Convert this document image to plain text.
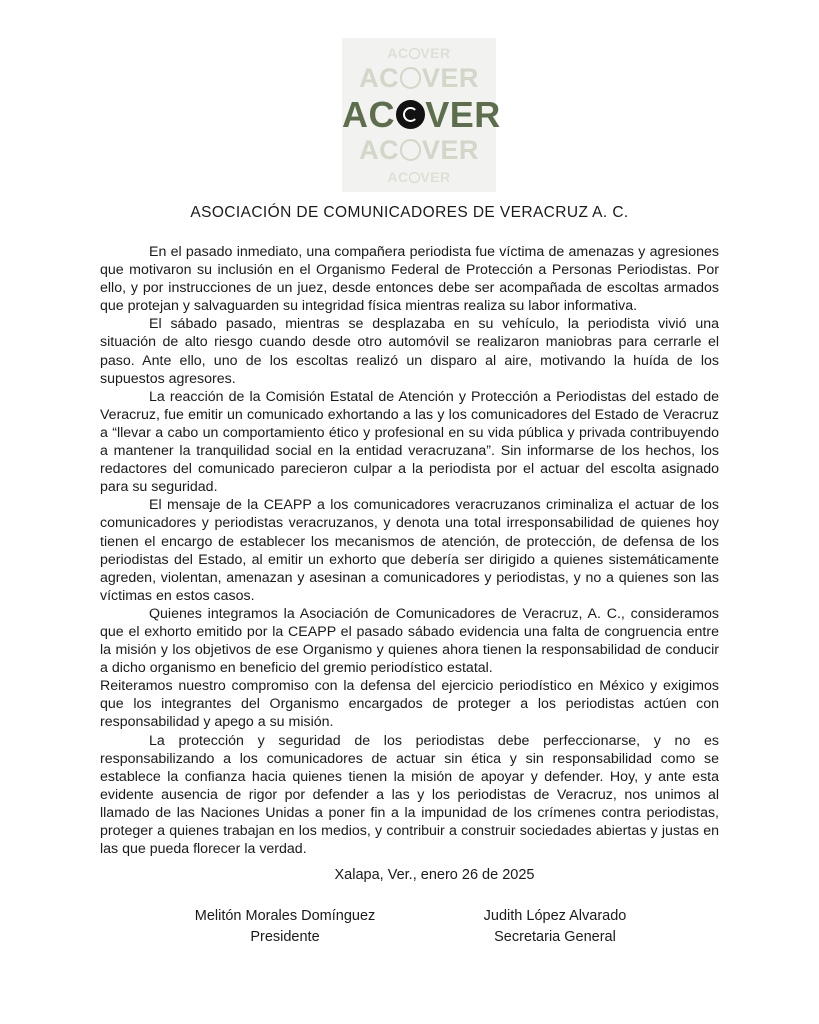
AC VER
AC VER
AC VER
AC VER
AC VER
ASOCIACIÓN DE COMUNICADORES DE VERACRUZ A. C.

En el pasado inmediato, una compañera periodista fue víctima de amenazas y agresiones que motivaron su inclusión en el Organismo Federal de Protección a Personas Periodistas. Por ello, y por instrucciones de un juez, desde entonces debe ser acompañada de escoltas armados que protejan y salvaguarden su integridad física mientras realiza su labor informativa.

El sábado pasado, mientras se desplazaba en su vehículo, la periodista vivió una situación de alto riesgo cuando desde otro automóvil se realizaron maniobras para cerrarle el paso. Ante ello, uno de los escoltas realizó un disparo al aire, motivando la huída de los supuestos agresores.

La reacción de la Comisión Estatal de Atención y Protección a Periodistas del estado de Veracruz, fue emitir un comunicado exhortando a las y los comunicadores del Estado de Veracruz a “llevar a cabo un comportamiento ético y profesional en su vida pública y privada contribuyendo a mantener la tranquilidad social en la entidad veracruzana”. Sin informarse de los hechos, los redactores del comunicado parecieron culpar a la periodista por el actuar del escolta asignado para su seguridad.

El mensaje de la CEAPP a los comunicadores veracruzanos criminaliza el actuar de los comunicadores y periodistas veracruzanos, y denota una total irresponsabilidad de quienes hoy tienen el encargo de establecer los mecanismos de atención, de protección, de defensa de los periodistas del Estado, al emitir un exhorto que debería ser dirigido a quienes sistemáticamente agreden, violentan, amenazan y asesinan a comunicadores y periodistas, y no a quienes son las víctimas en estos casos.

Quienes integramos la Asociación de Comunicadores de Veracruz, A. C., consideramos que el exhorto emitido por la CEAPP el pasado sábado evidencia una falta de congruencia entre la misión y los objetivos de ese Organismo y quienes ahora tienen la responsabilidad de conducir a dicho organismo en beneficio del gremio periodístico estatal.

Reiteramos nuestro compromiso con la defensa del ejercicio periodístico en México y exigimos que los integrantes del Organismo encargados de proteger a los periodistas actúen con responsabilidad y apego a su misión.

La protección y seguridad de los periodistas debe perfeccionarse, y no es responsabilizando a los comunicadores de actuar sin ética y sin responsabilidad como se establece la confianza hacia quienes tienen la misión de apoyar y defender. Hoy, y ante esta evidente ausencia de rigor por defender a las y los periodistas de Veracruz, nos unimos al llamado de las Naciones Unidas a poner fin a la impunidad de los crímenes contra periodistas, proteger a quienes trabajan en los medios, y contribuir a construir sociedades abiertas y justas en las que pueda florecer la verdad.

Xalapa, Ver., enero 26 de 2025
Melitón Morales Domínguez
Presidente
Judith López Alvarado
Secretaria General
